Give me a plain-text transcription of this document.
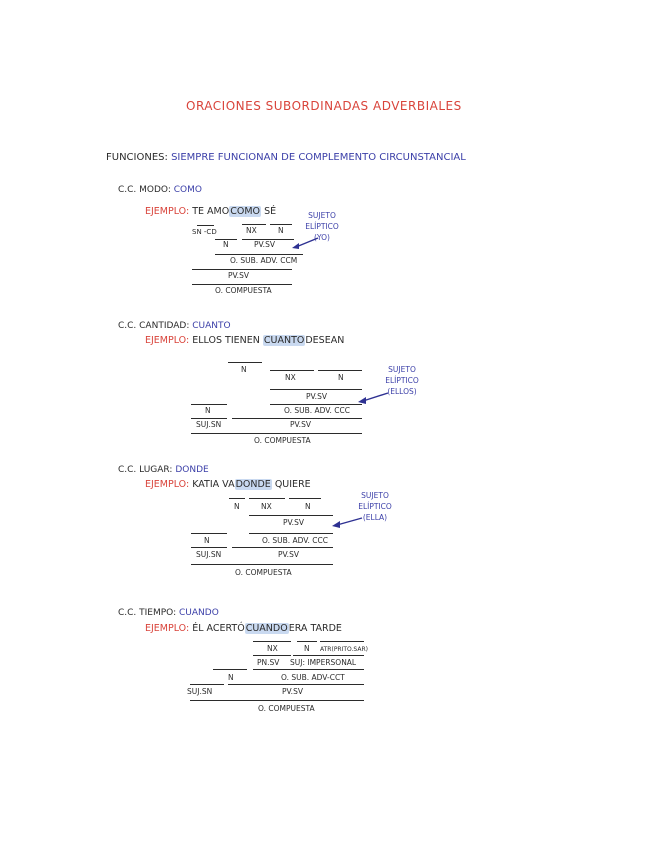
ORACIONES SUBORDINADAS ADVERBIALES
FUNCIONES: SIEMPRE FUNCIONAN DE COMPLEMENTO CIRCUNSTANCIAL
C.C. MODO: COMO
EJEMPLO: TE AMOCOMO SÉ
SN -CD
N
NX	N
PV.SV
O. SUB. ADV. CCM
PV.SV
O. COMPUESTA
SUJETO
ELÍPTICO
(YO)
C.C. CANTIDAD: CUANTO
EJEMPLO: ELLOS TIENEN CUANTODESEAN
N
NX	N
PV.SV
N	O. SUB. ADV. CCC
SUJ.SN	PV.SV
O. COMPUESTA
SUJETO
ELÍPTICO
(ELLOS)
C.C. LUGAR: DONDE
EJEMPLO: KATIA VADONDE QUIERE
N	NX	N
PV.SV
N	O. SUB. ADV. CCC
SUJ.SN	PV.SV
O. COMPUESTA
SUJETO
ELÍPTICO
(ELLA)
C.C. TIEMPO: CUANDO
EJEMPLO: ÉL ACERTÓCUANDOERA TARDE
NX	N ATR(PRITO.SAR)
PN.SV SUJ: IMPERSONAL
N	O. SUB. ADV-CCT
SUJ.SN	PV.SV
O. COMPUESTA
